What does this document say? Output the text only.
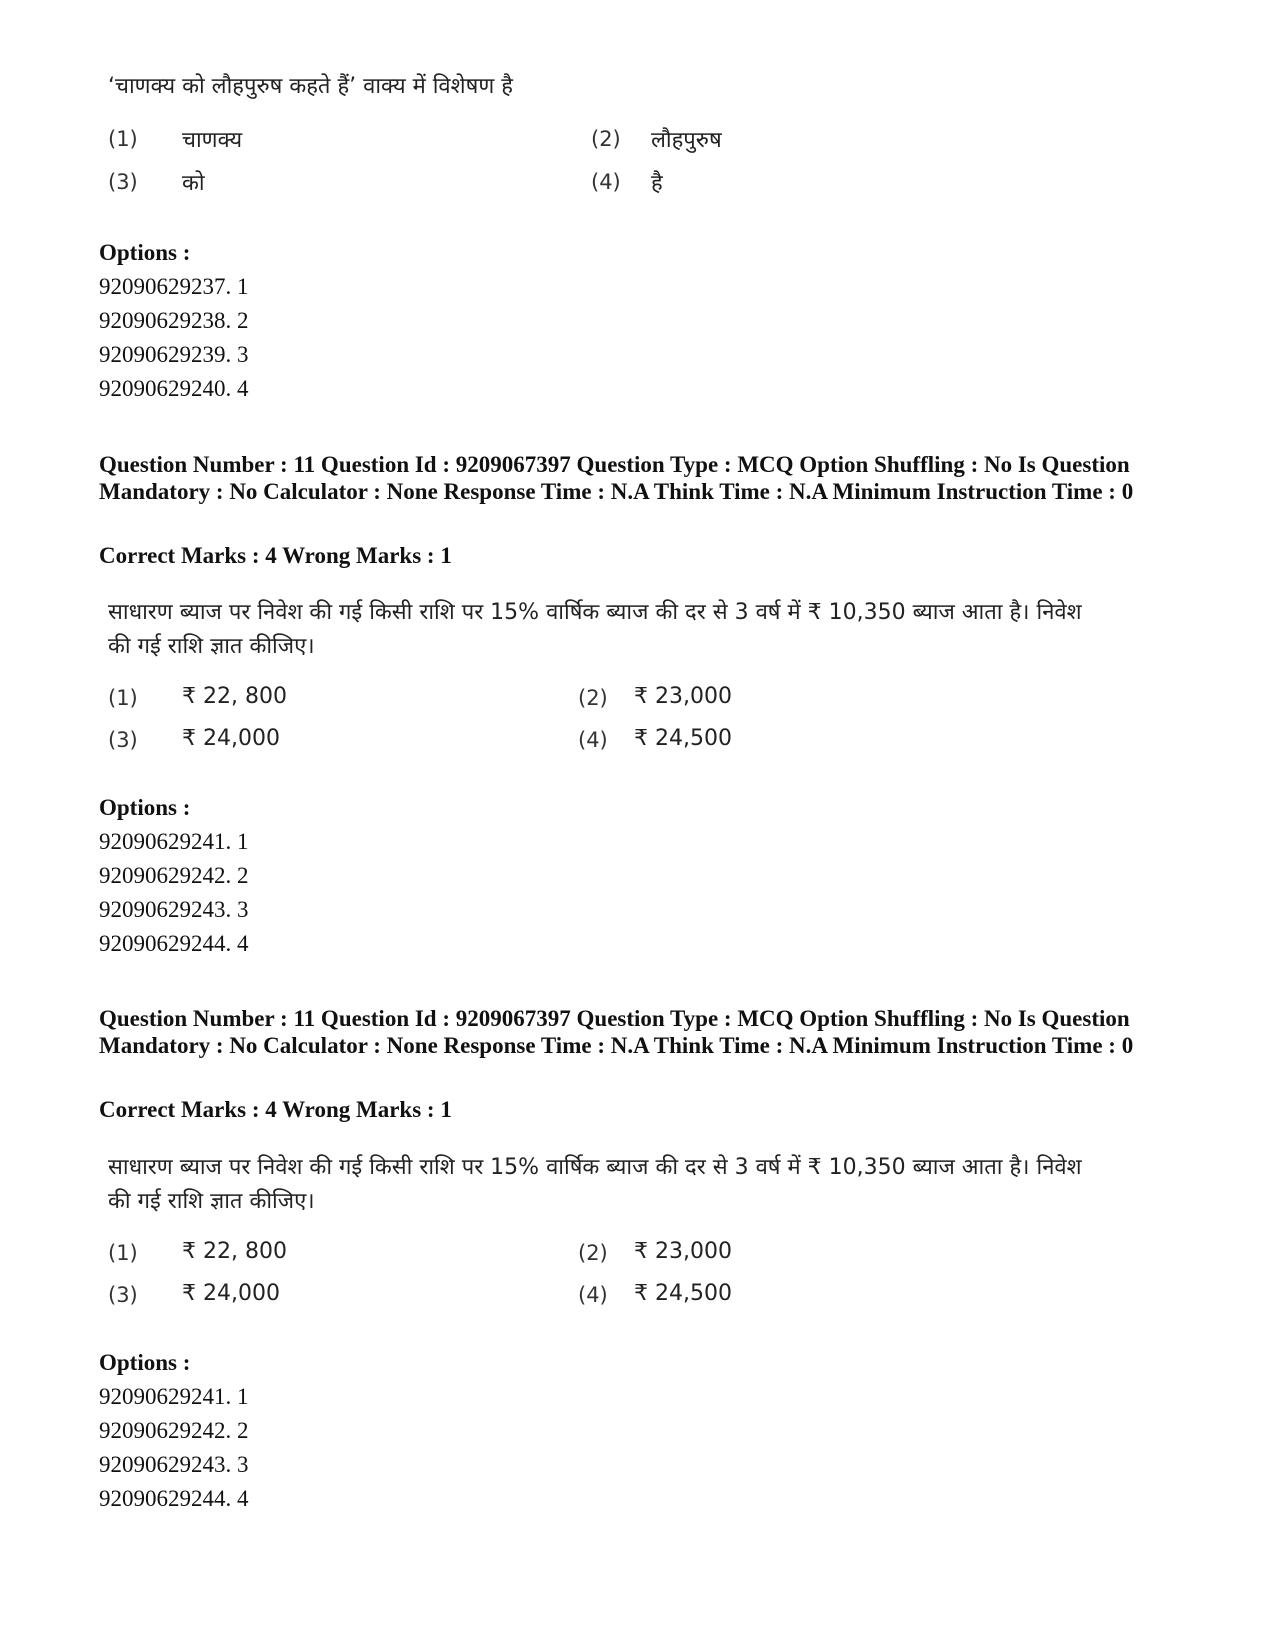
‘चाणक्य को लौहपुरुष कहते हैं’ वाक्य में विशेषण है
(1) चाणक्य	(2) लौहपुरुष
(3) को	(4) है
Options :
92090629237. 1
92090629238. 2
92090629239. 3
92090629240. 4
Question Number : 11 Question Id : 9209067397 Question Type : MCQ Option Shuffling : No Is Question Mandatory : No Calculator : None Response Time : N.A Think Time : N.A Minimum Instruction Time : 0
Correct Marks : 4 Wrong Marks : 1
साधारण ब्याज पर निवेश की गई किसी राशि पर 15% वार्षिक ब्याज की दर से 3 वर्ष में ₹ 10,350 ब्याज आता है। निवेश की गई राशि ज्ञात कीजिए।
(1) ₹ 22, 800	(2) ₹ 23,000
(3) ₹ 24,000	(4) ₹ 24,500
Options :
92090629241. 1
92090629242. 2
92090629243. 3
92090629244. 4
Question Number : 11 Question Id : 9209067397 Question Type : MCQ Option Shuffling : No Is Question Mandatory : No Calculator : None Response Time : N.A Think Time : N.A Minimum Instruction Time : 0
Correct Marks : 4 Wrong Marks : 1
साधारण ब्याज पर निवेश की गई किसी राशि पर 15% वार्षिक ब्याज की दर से 3 वर्ष में ₹ 10,350 ब्याज आता है। निवेश की गई राशि ज्ञात कीजिए।
(1) ₹ 22, 800	(2) ₹ 23,000
(3) ₹ 24,000	(4) ₹ 24,500
Options :
92090629241. 1
92090629242. 2
92090629243. 3
92090629244. 4
